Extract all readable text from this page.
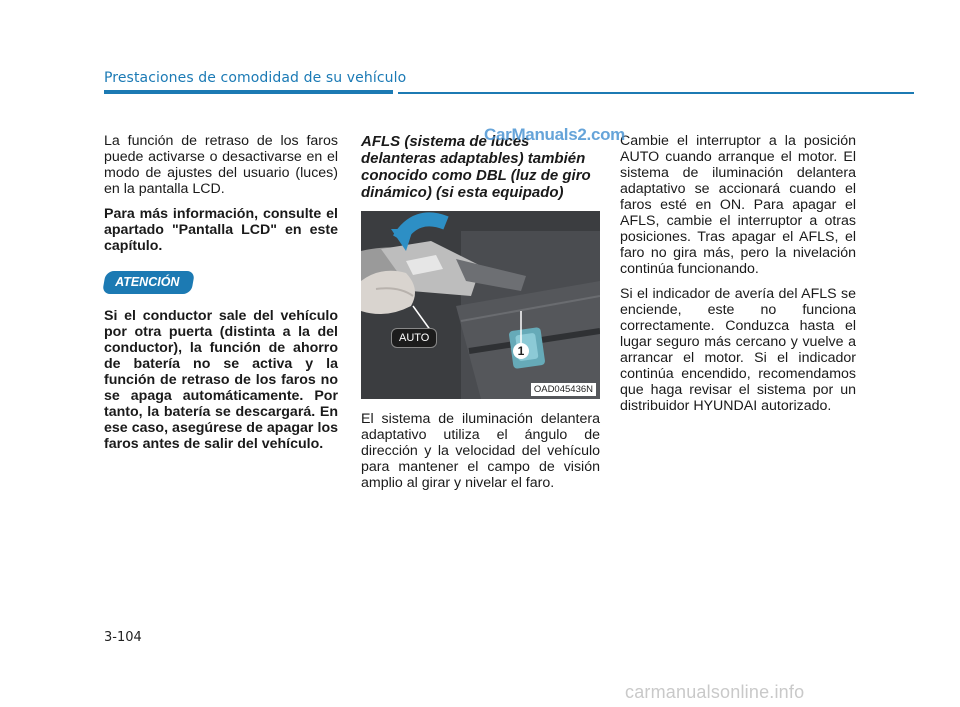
Prestaciones de comodidad de su vehículo

La función de retraso de los faros puede activarse o desactivarse en el modo de ajustes del usuario (luces) en la pantalla LCD.

Para más información, consulte el apartado "Pantalla LCD" en este capítulo.

ATENCIÓN

Si el conductor sale del vehículo por otra puerta (distinta a la del conductor), la función de ahorro de batería no se activa y la función de retraso de los faros no se apaga automáticamente. Por tanto, la batería se descargará. En ese caso, asegúrese de apagar los faros antes de salir del vehículo.

AFLS (sistema de luces delanteras adaptables) también conocido como DBL (luz de giro dinámico) (si esta equipado)
AUTO
1
OAD045436N

El sistema de iluminación delantera adaptativo utiliza el ángulo de dirección y la velocidad del vehículo para mantener el campo de visión amplio al girar y nivelar el faro.

Cambie el interruptor a la posición AUTO cuando arranque el motor. El sistema de iluminación delantera adaptativo se accionará cuando el faros esté en ON. Para apagar el AFLS, cambie el interruptor a otras posiciones. Tras apagar el AFLS, el faro no gira más, pero la nivelación continúa funcionando.

Si el indicador de avería del AFLS se enciende, este no funciona correctamente. Conduzca hasta el lugar seguro más cercano y vuelve a arrancar el motor. Si el indicador continúa encendido, recomendamos que haga revisar el sistema por un distribuidor HYUNDAI autorizado.

3-104
CarManuals2.com
carmanualsonline.info
